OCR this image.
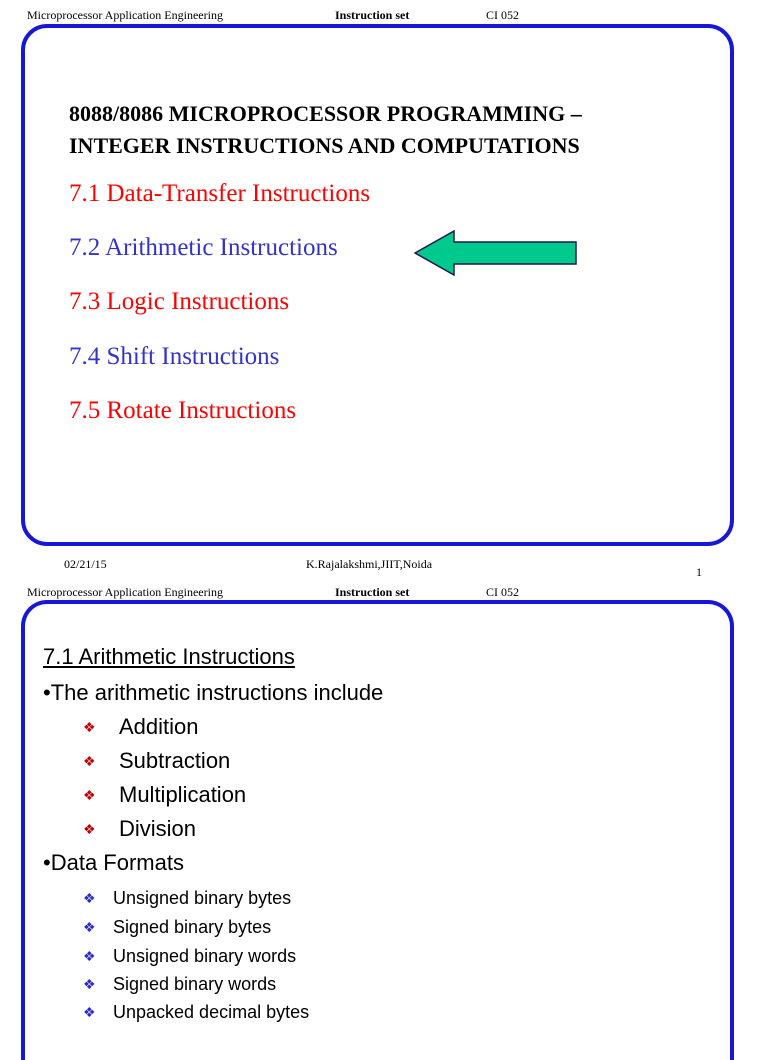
Microprocessor Application Engineering	Instruction set	CI 052
8088/8086 MICROPROCESSOR PROGRAMMING –
INTEGER INSTRUCTIONS AND COMPUTATIONS
7.1 Data-Transfer Instructions
7.2 Arithmetic Instructions
7.3 Logic Instructions
7.4 Shift Instructions
7.5 Rotate Instructions
02/21/15	K.Rajalakshmi,JIIT,Noida
1
Microprocessor Application Engineering	Instruction set	CI 052
7.1 Arithmetic Instructions
•The arithmetic instructions include
❖	Addition
❖	Subtraction
❖	Multiplication
❖	Division
•Data Formats
❖ Unsigned binary bytes
❖ Signed binary bytes
❖ Unsigned binary words
❖ Signed binary words
❖ Unpacked decimal bytes
